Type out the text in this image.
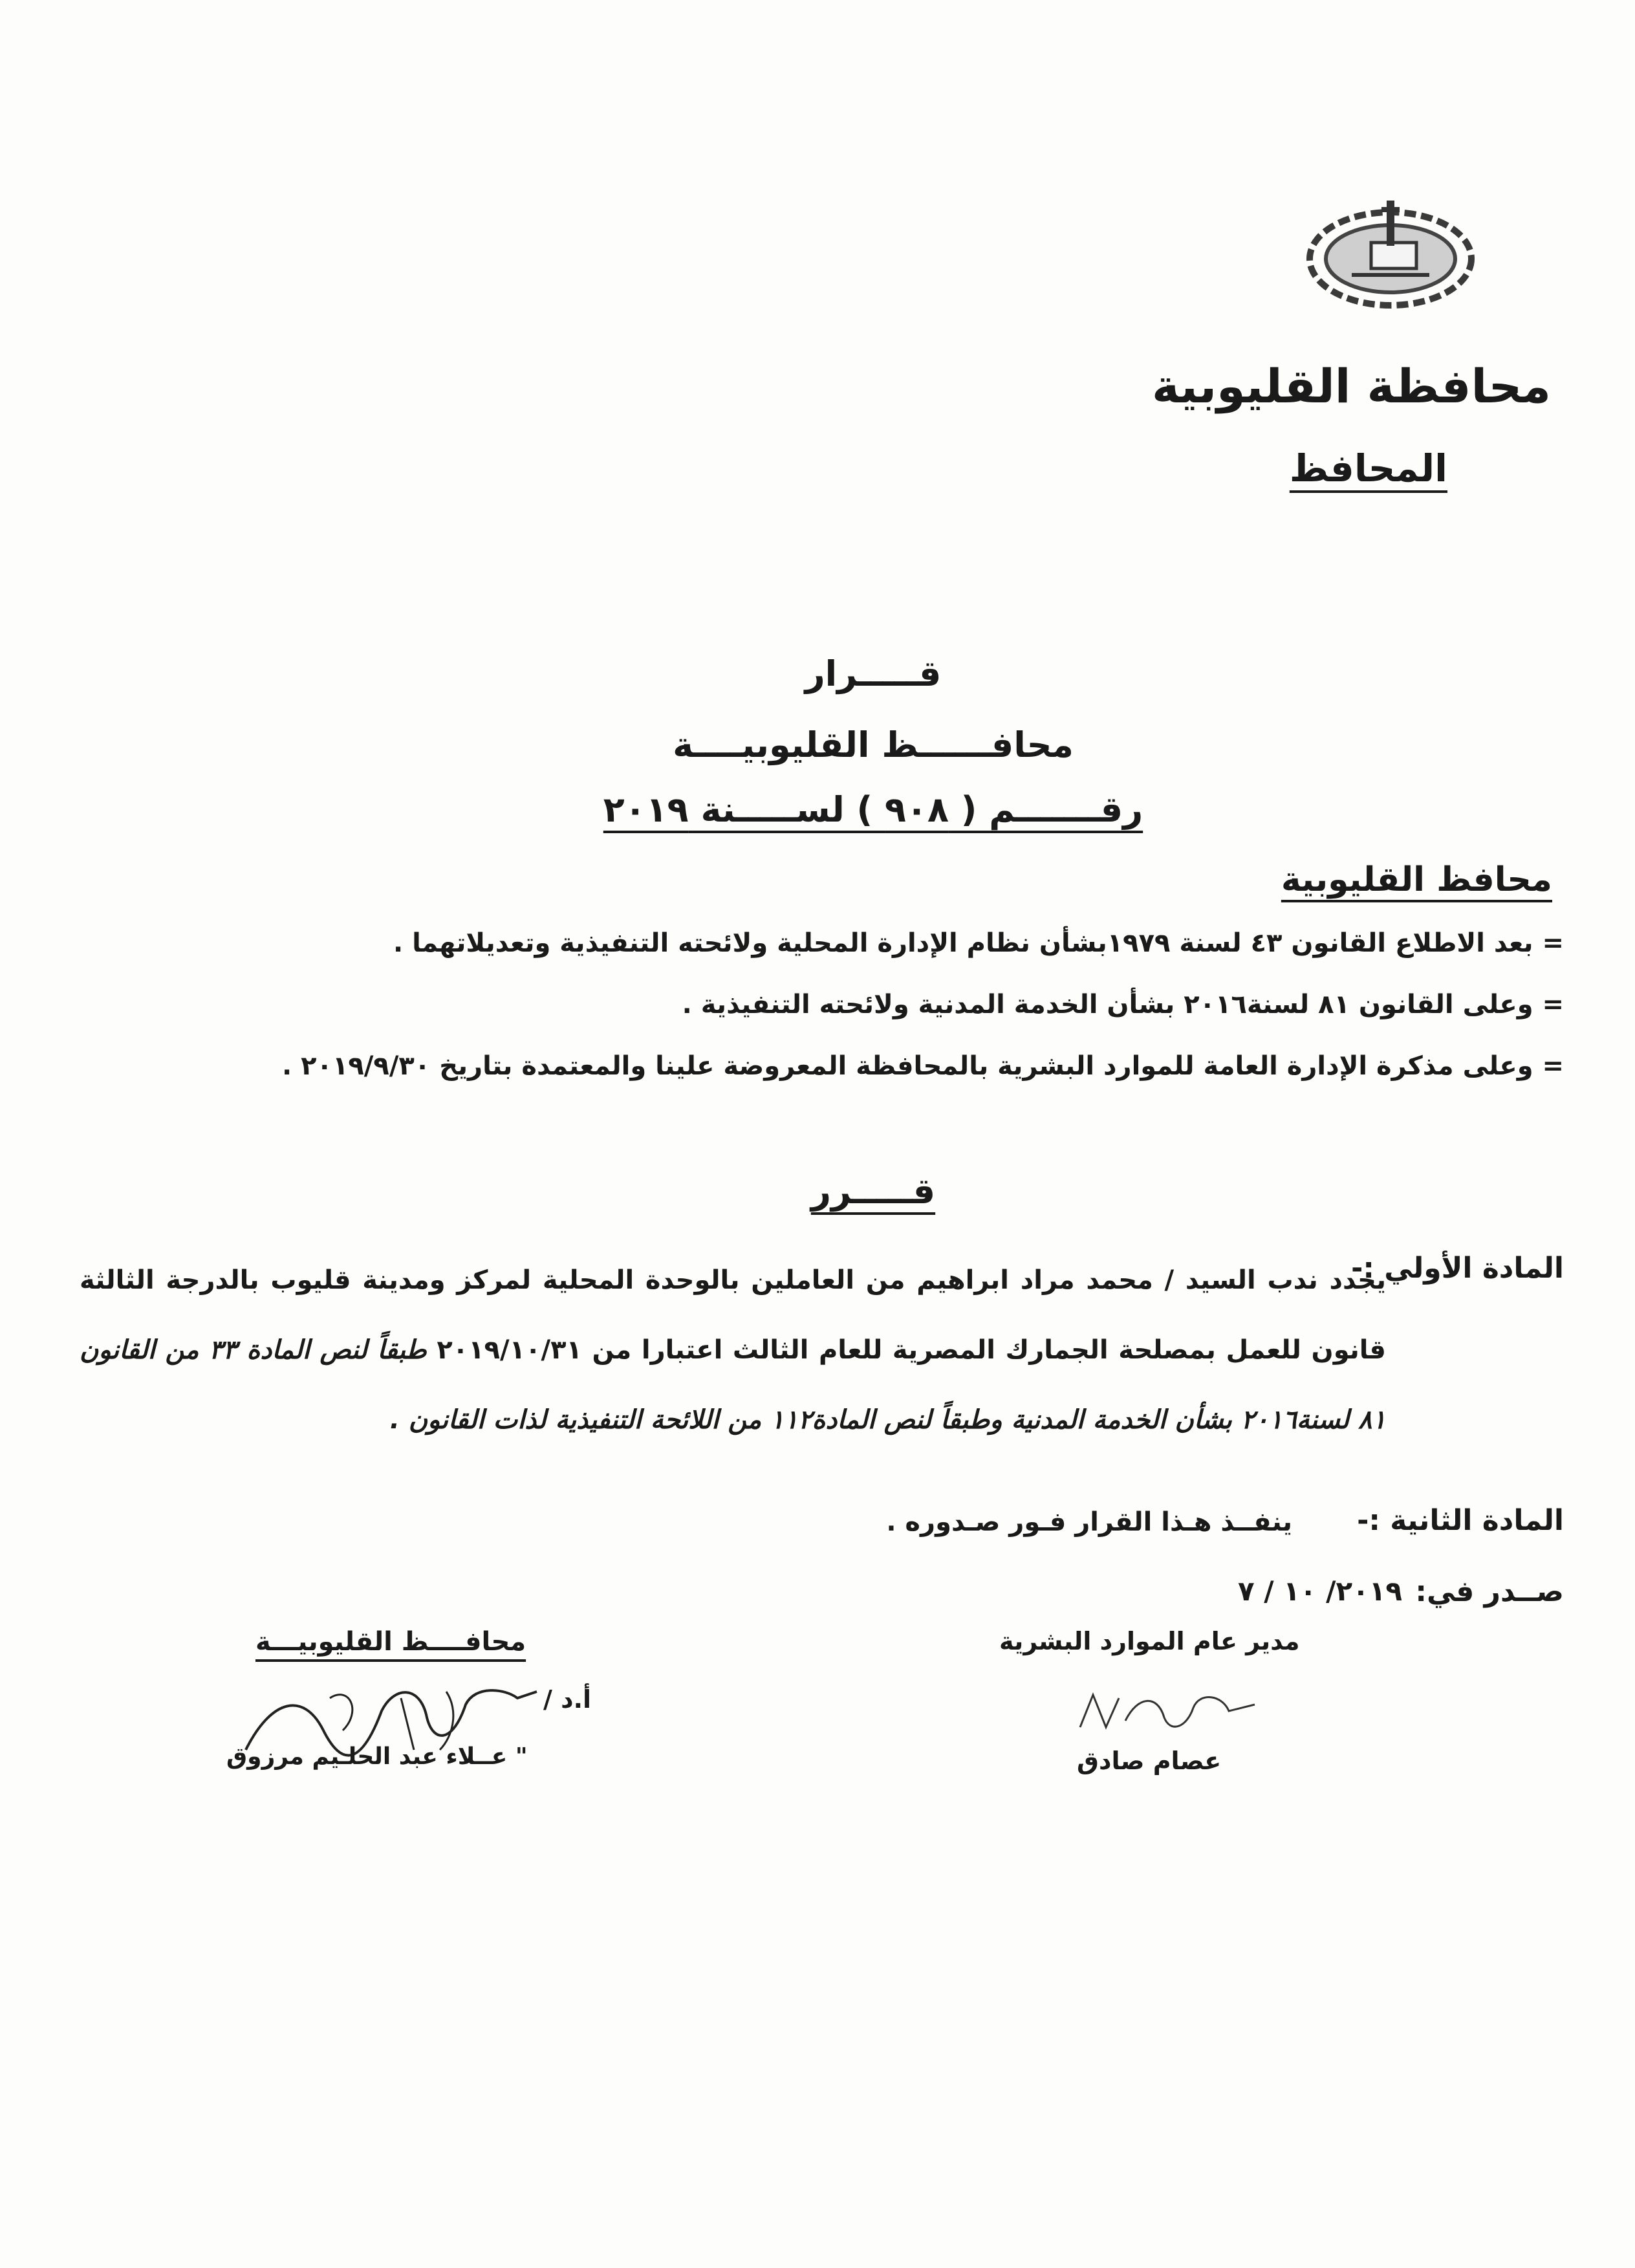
محافظة القليوبية
المحافظ
قـــــرار
محافــــــظ القليوبيــــة
رقـــــــم ( ٩٠٨ ) لســـــنة ٢٠١٩
محافظ القليوبية
= بعد الاطلاع القانون ٤٣ لسنة ١٩٧٩بشأن نظام الإدارة المحلية ولائحته التنفيذية وتعديلاتهما .
= وعلى القانون ٨١ لسنة٢٠١٦ بشأن الخدمة المدنية ولائحته التنفيذية .
= وعلى مذكرة الإدارة العامة للموارد البشرية بالمحافظة المعروضة علينا والمعتمدة بتاريخ ٢٠١٩/٩/٣٠ .
قـــــرر
المادة الأولي :-
يجدد ندب السيد / محمد مراد ابراهيم من العاملين بالوحدة المحلية لمركز ومدينة قليوب بالدرجة الثالثة قانون للعمل بمصلحة الجمارك المصرية للعام الثالث اعتبارا من ٢٠١٩/١٠/٣١ طبقاً لنص المادة ٣٣ من القانون ٨١ لسنة٢٠١٦ بشأن الخدمة المدنية وطبقاً لنص المادة١١٢ من اللائحة التنفيذية لذات القانون .
المادة الثانية :-
ينفــذ هـذا القرار فـور صـدوره .
صــدر في:
٢٠١٩/ ١٠ / ٧
محافــــظ القليوبيـــة
أ.د /
" عــلاء عبد الحلـيم مرزوق
مدير عام الموارد البشرية
عصام صادق
